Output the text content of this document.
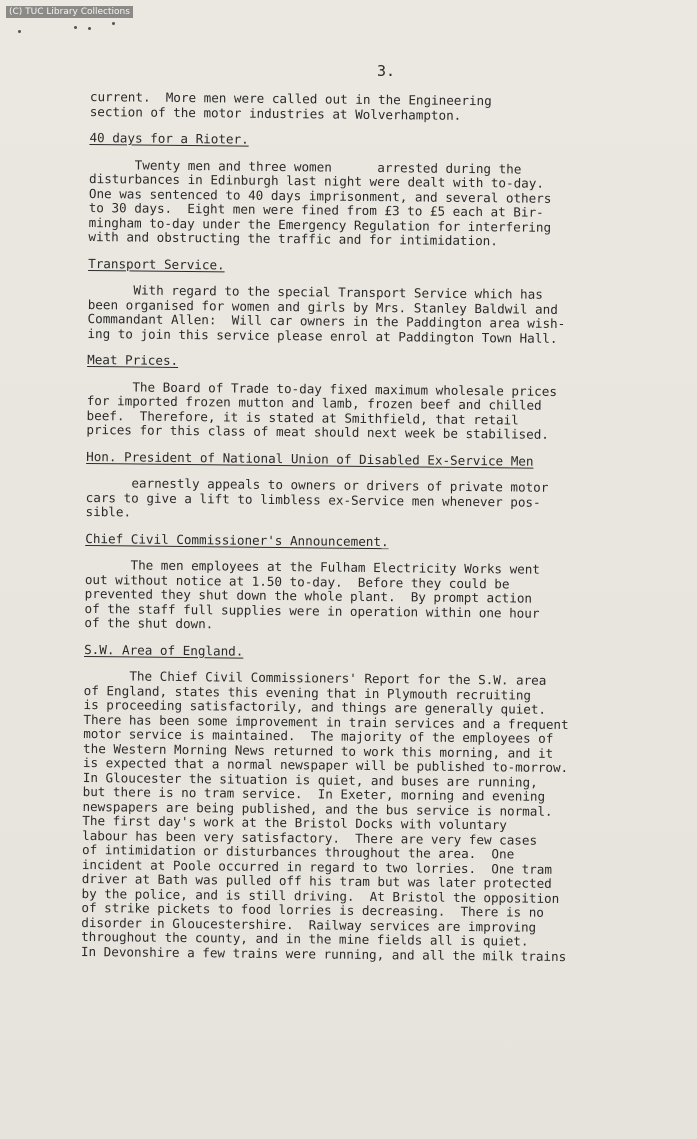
(C) TUC Library Collections
3.

current.  More men were called out in the Engineering
section of the motor industries at Wolverhampton.

40 days for a Rioter.

Twenty men and three women      arrested during the
disturbances in Edinburgh last night were dealt with to-day.
One was sentenced to 40 days imprisonment, and several others
to 30 days.  Eight men were fined from £3 to £5 each at Bir-
mingham to-day under the Emergency Regulation for interfering
with and obstructing the traffic and for intimidation.

Transport Service.

With regard to the special Transport Service which has
been organised for women and girls by Mrs. Stanley Baldwil and
Commandant Allen:  Will car owners in the Paddington area wish-
ing to join this service please enrol at Paddington Town Hall.

Meat Prices.

The Board of Trade to-day fixed maximum wholesale prices
for imported frozen mutton and lamb, frozen beef and chilled
beef.  Therefore, it is stated at Smithfield, that retail
prices for this class of meat should next week be stabilised.

Hon. President of National Union of Disabled Ex-Service Men

earnestly appeals to owners or drivers of private motor
cars to give a lift to limbless ex-Service men whenever pos-
sible.

Chief Civil Commissioner's Announcement.

The men employees at the Fulham Electricity Works went
out without notice at 1.50 to-day.  Before they could be
prevented they shut down the whole plant.  By prompt action
of the staff full supplies were in operation within one hour
of the shut down.

S.W. Area of England.

The Chief Civil Commissioners' Report for the S.W. area
of England, states this evening that in Plymouth recruiting
is proceeding satisfactorily, and things are generally quiet.
There has been some improvement in train services and a frequent
motor service is maintained.  The majority of the employees of
the Western Morning News returned to work this morning, and it
is expected that a normal newspaper will be published to-morrow.
In Gloucester the situation is quiet, and buses are running,
but there is no tram service.  In Exeter, morning and evening
newspapers are being published, and the bus service is normal.
The first day's work at the Bristol Docks with voluntary
labour has been very satisfactory.  There are very few cases
of intimidation or disturbances throughout the area.  One
incident at Poole occurred in regard to two lorries.  One tram
driver at Bath was pulled off his tram but was later protected
by the police, and is still driving.  At Bristol the opposition
of strike pickets to food lorries is decreasing.  There is no
disorder in Gloucestershire.  Railway services are improving
throughout the county, and in the mine fields all is quiet.
In Devonshire a few trains were running, and all the milk trains
